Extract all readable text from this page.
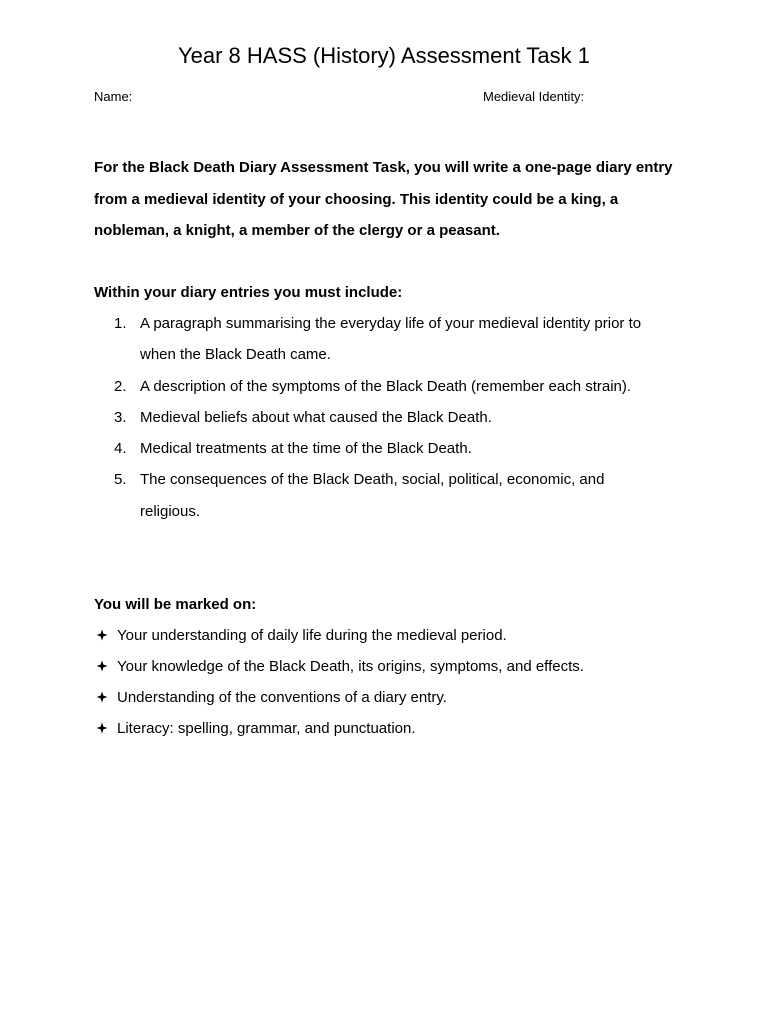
Year 8 HASS (History) Assessment Task 1
Name:	Medieval Identity:

For the Black Death Diary Assessment Task, you will write a one-page diary entry from a medieval identity of your choosing. This identity could be a king, a nobleman, a knight, a member of the clergy or a peasant.

Within your diary entries you must include:

1. A paragraph summarising the everyday life of your medieval identity prior to when the Black Death came.
2. A description of the symptoms of the Black Death (remember each strain).
3. Medieval beliefs about what caused the Black Death.
4. Medical treatments at the time of the Black Death.
5. The consequences of the Black Death, social, political, economic, and religious.

You will be marked on:

Your understanding of daily life during the medieval period.
Your knowledge of the Black Death, its origins, symptoms, and effects.
Understanding of the conventions of a diary entry.
Literacy: spelling, grammar, and punctuation.
